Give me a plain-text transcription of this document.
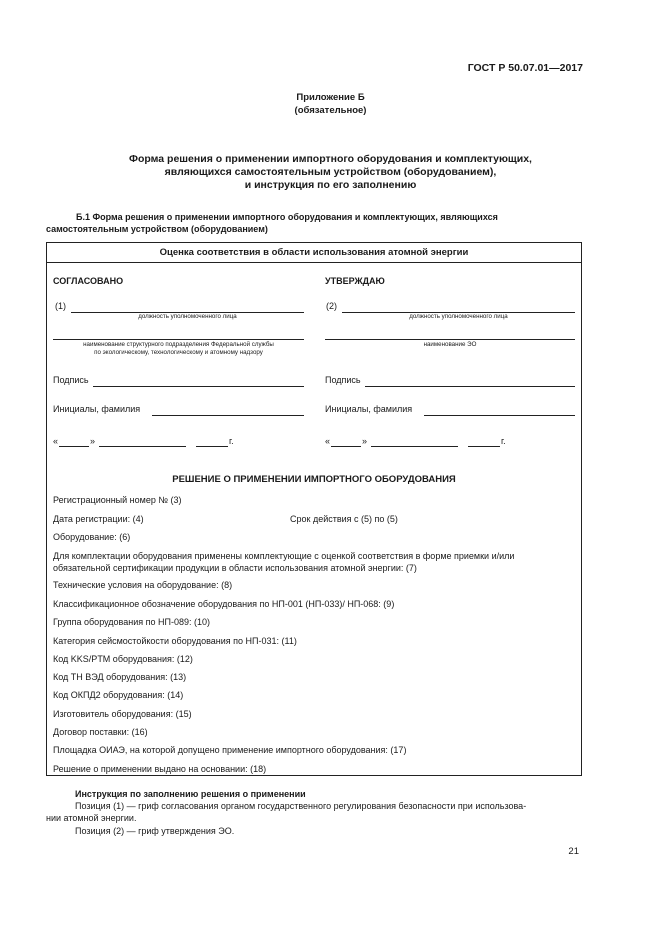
ГОСТ Р 50.07.01—2017
Приложение Б
(обязательное)
Форма решения о применении импортного оборудования и комплектующих,
являющихся самостоятельным устройством (оборудованием),
и инструкция по его заполнению
Б.1 Форма решения о применении импортного оборудования и комплектующих, являющихся
самостоятельным устройством (оборудованием)
Оценка соответствия в области использования атомной энергии
СОГЛАСОВАНО
(1)
должность уполномоченного лица
наименование структурного подразделения Федеральной службы
по экологическому, технологическому и атомному надзору
Подпись
Инициалы, фамилия
«	»	г.
УТВЕРЖДАЮ
(2)
должность уполномоченного лица
наименование ЭО
Подпись
Инициалы, фамилия
«	»	г.
РЕШЕНИЕ О ПРИМЕНЕНИИ ИМПОРТНОГО ОБОРУДОВАНИЯ
Регистрационный номер № (3)
Дата регистрации: (4)	Срок действия с (5) по (5)
Оборудование: (6)
Для комплектации оборудования применены комплектующие с оценкой соответствия в форме приемки и/или
обязательной сертификации продукции в области использования атомной энергии: (7)
Технические условия на оборудование: (8)
Классификационное обозначение оборудования по НП-001 (НП-033)/ НП-068: (9)
Группа оборудования по НП-089: (10)
Категория сейсмостойкости оборудования по НП-031: (11)
Код KKS/PTM оборудования: (12)
Код ТН ВЭД оборудования: (13)
Код ОКПД2 оборудования: (14)
Изготовитель оборудования: (15)
Договор поставки: (16)
Площадка ОИАЭ, на которой допущено применение импортного оборудования: (17)
Решение о применении выдано на основании: (18)
Инструкция по заполнению решения о применении
Позиция (1) — гриф согласования органом государственного регулирования безопасности при использова-
нии атомной энергии.
Позиция (2) — гриф утверждения ЭО.
21
